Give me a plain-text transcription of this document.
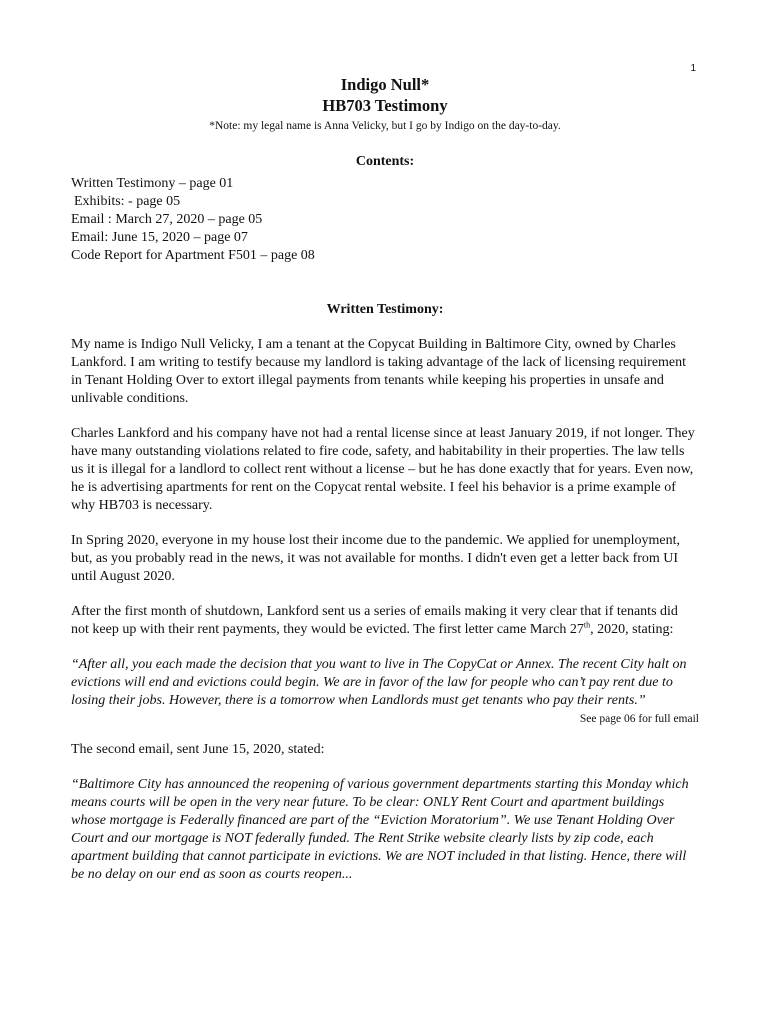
1
Indigo Null*
HB703 Testimony

*Note: my legal name is Anna Velicky, but I go by Indigo on the day-to-day.

Contents:
Written Testimony – page 01
Exhibits: - page 05
Email : March 27, 2020 – page 05
Email: June 15, 2020 – page 07
Code Report for Apartment F501 – page 08
Written Testimony:

My name is Indigo Null Velicky, I am a tenant at the Copycat Building in Baltimore City, owned by Charles Lankford. I am writing to testify because my landlord is taking advantage of the lack of licensing requirement in Tenant Holding Over to extort illegal payments from tenants while keeping his properties in unsafe and unlivable conditions.

Charles Lankford and his company have not had a rental license since at least January 2019, if not longer. They have many outstanding violations related to fire code, safety, and habitability in their properties. The law tells us it is illegal for a landlord to collect rent without a license – but he has done exactly that for years. Even now, he is advertising apartments for rent on the Copycat rental website. I feel his behavior is a prime example of why HB703 is necessary.

In Spring 2020, everyone in my house lost their income due to the pandemic. We applied for unemployment, but, as you probably read in the news, it was not available for months. I didn't even get a letter back from UI until August 2020.

After the first month of shutdown, Lankford sent us a series of emails making it very clear that if tenants did not keep up with their rent payments, they would be evicted. The first letter came March 27th, 2020, stating:

“After all, you each made the decision that you want to live in The CopyCat or Annex. The recent City halt on evictions will end and evictions could begin. We are in favor of the law for people who can’t pay rent due to losing their jobs. However, there is a tomorrow when Landlords must get tenants who pay their rents.”

See page 06 for full email

The second email, sent June 15, 2020, stated:

“Baltimore City has announced the reopening of various government departments starting this Monday which means courts will be open in the very near future. To be clear: ONLY Rent Court and apartment buildings whose mortgage is Federally financed are part of the “Eviction Moratorium”. We use Tenant Holding Over Court and our mortgage is NOT federally funded. The Rent Strike website clearly lists by zip code, each apartment building that cannot participate in evictions. We are NOT included in that listing. Hence, there will be no delay on our end as soon as courts reopen...
